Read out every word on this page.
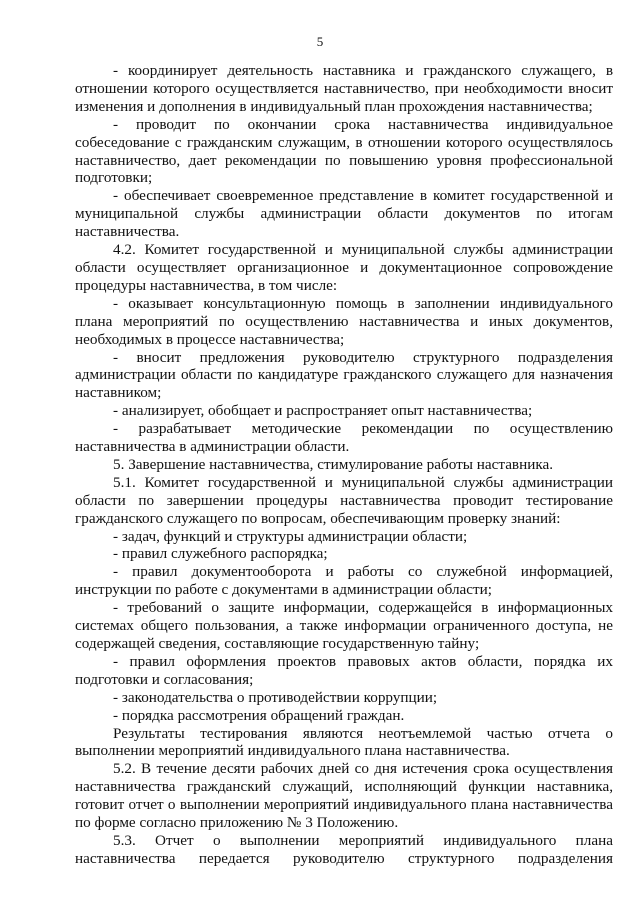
5

- координирует деятельность наставника и гражданского служащего, в отношении которого осуществляется наставничество, при необходимости вносит изменения и дополнения в индивидуальный план прохождения наставничества;

- проводит по окончании срока наставничества индивидуальное собеседование с гражданским служащим, в отношении которого осуществлялось наставничество, дает рекомендации по повышению уровня профессиональной подготовки;

- обеспечивает своевременное представление в комитет государственной и муниципальной службы администрации области документов по итогам наставничества.

4.2. Комитет государственной и муниципальной службы администрации области осуществляет организационное и документационное сопровождение процедуры наставничества, в том числе:

- оказывает консультационную помощь в заполнении индивидуального плана мероприятий по осуществлению наставничества и иных документов, необходимых в процессе наставничества;

- вносит предложения руководителю структурного подразделения администрации области по кандидатуре гражданского служащего для назначения наставником;

- анализирует, обобщает и распространяет опыт наставничества;

- разрабатывает методические рекомендации по осуществлению наставничества в администрации области.

5. Завершение наставничества, стимулирование работы наставника.

5.1. Комитет государственной и муниципальной службы администрации области по завершении процедуры наставничества проводит тестирование гражданского служащего по вопросам, обеспечивающим проверку знаний:

- задач, функций и структуры администрации области;

- правил служебного распорядка;

- правил документооборота и работы со служебной информацией, инструкции по работе с документами в администрации области;

- требований о защите информации, содержащейся в информационных системах общего пользования, а также информации ограниченного доступа, не содержащей сведения, составляющие государственную тайну;

- правил оформления проектов правовых актов области, порядка их подготовки и согласования;

- законодательства о противодействии коррупции;

- порядка рассмотрения обращений граждан.

Результаты тестирования являются неотъемлемой частью отчета о выполнении мероприятий индивидуального плана наставничества.

5.2. В течение десяти рабочих дней со дня истечения срока осуществления наставничества гражданский служащий, исполняющий функции наставника, готовит отчет о выполнении мероприятий индивидуального плана наставничества по форме согласно приложению № 3 Положению.

5.3. Отчет о выполнении мероприятий индивидуального плана наставничества передается руководителю структурного подразделения
